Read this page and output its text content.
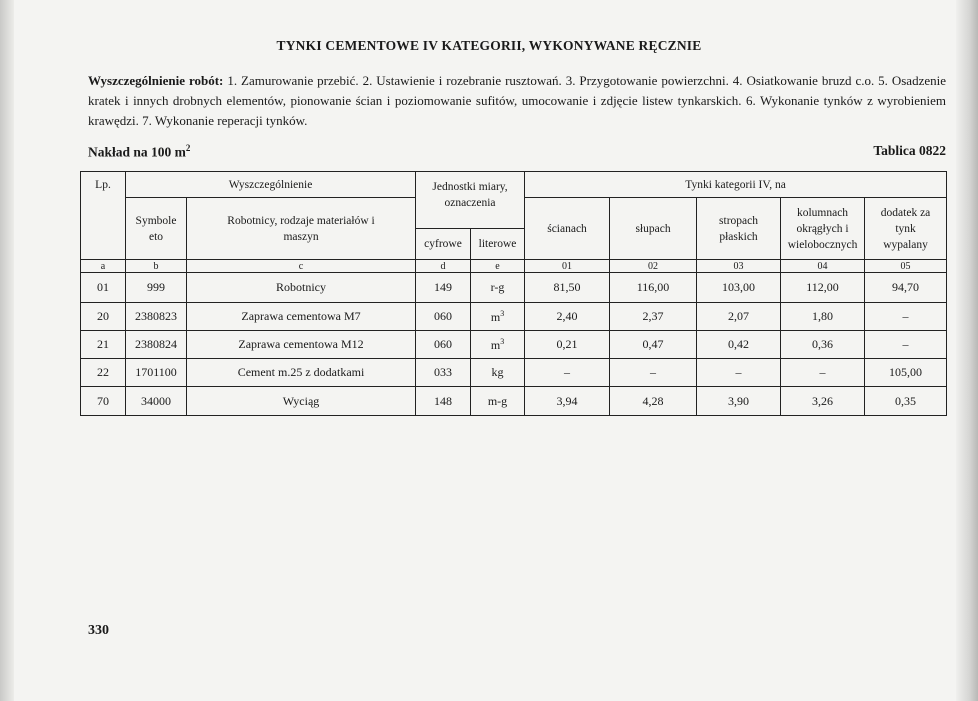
TYNKI CEMENTOWE IV KATEGORII, WYKONYWANE RĘCZNIE
Wyszczególnienie robót: 1. Zamurowanie przebić. 2. Ustawienie i rozebranie rusztowań. 3. Przygotowanie powierzchni. 4. Osiatkowanie bruzd c.o. 5. Osadzenie kratek i innych drobnych elementów, pionowanie ścian i poziomowanie sufitów, umocowanie i zdjęcie listew tynkarskich. 6. Wykonanie tynków z wyrobieniem krawędzi. 7. Wykonanie reperacji tynków.
Nakład na 100 $m^2$	Tablica 0822
Lp.	Wyszczególnienie		Jednostki miary, oznaczenia		Tynki kategorii IV, na				
	Symbole eto	Robotnicy, rodzaje materiałów i maszyn			ścianach	słupach	stropach płaskich	kolumnach okrągłych i wielobocznych	dodatek za tynk wypalany
			cyfrowe	literowe					
a	b	c	d	e	01	02	03	04	05
01	999	Robotnicy	149	r-g	81,50	116,00	103,00	112,00	94,70
20	2380823	Zaprawa cementowa M7	060	$m^3$	2,40	2,37	2,07	1,80	–
21	2380824	Zaprawa cementowa M12	060	$m^3$	0,21	0,47	0,42	0,36	–
22	1701100	Cement m.25 z dodatkami	033	kg	–	–	–	–	105,00
70	34000	Wyciąg	148	m-g	3,94	4,28	3,90	3,26	0,35
330
